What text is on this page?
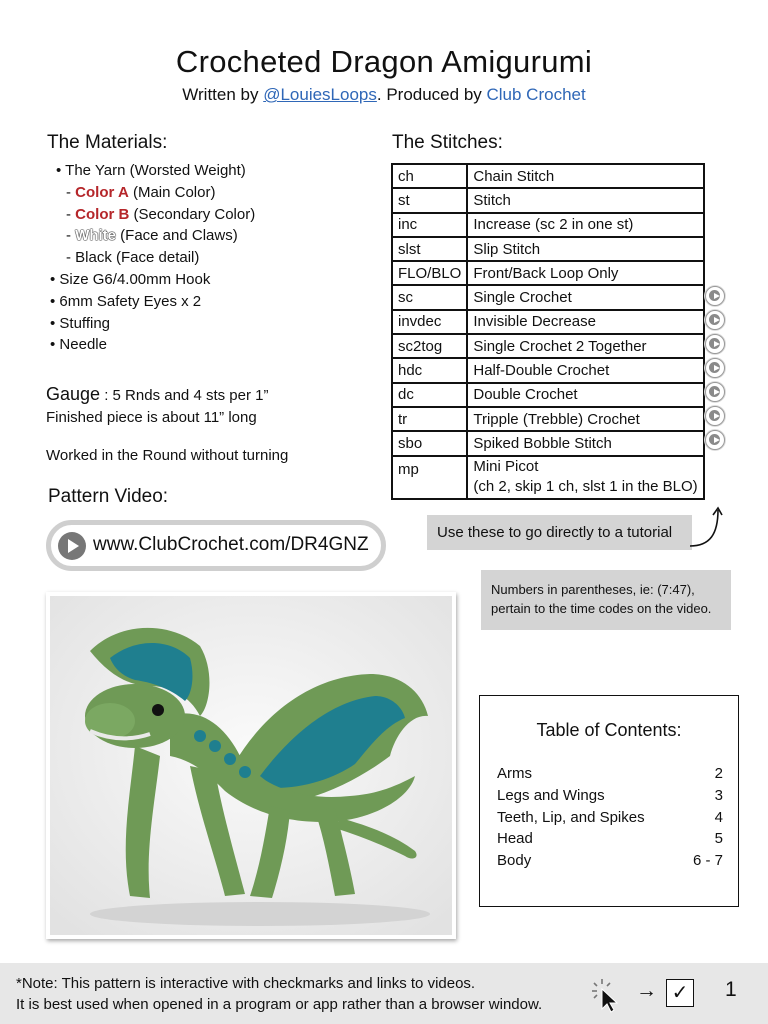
Crocheted Dragon Amigurumi
Written by @LouiesLoops. Produced by Club Crochet
The Materials:
• The Yarn (Worsted Weight)
- Color A (Main Color)
- Color B (Secondary Color)
- White (Face and Claws)
- Black (Face detail)
• Size G6/4.00mm Hook
• 6mm Safety Eyes x 2
• Stuffing
• Needle
Gauge : 5 Rnds and 4 sts per 1”
Finished piece is about 11” long
Worked in the Round without turning
The Stitches:
ch	Chain Stitch
st	Stitch
inc	Increase (sc 2 in one st)
slst	Slip Stitch
FLO/BLO	Front/Back Loop Only
sc	Single Crochet
invdec	Invisible Decrease
sc2tog	Single Crochet 2 Together
hdc	Half-Double Crochet
dc	Double Crochet
tr	Tripple (Trebble) Crochet
sbo	Spiked Bobble Stitch
mp	Mini Picot
(ch 2, skip 1 ch, slst 1 in the BLO)
Use these to go directly to a tutorial
Numbers in parentheses, ie: (7:47),
pertain to the time codes on the video.
Pattern Video:
www.ClubCrochet.com/DR4GNZ
Table of Contents:
Arms	2
Legs and Wings	3
Teeth, Lip, and Spikes	4
Head	5
Body	6 - 7
*Note: This pattern is interactive with checkmarks and links to videos.
It is best used when opened in a program or app rather than a browser window.
→ ✓ 1
